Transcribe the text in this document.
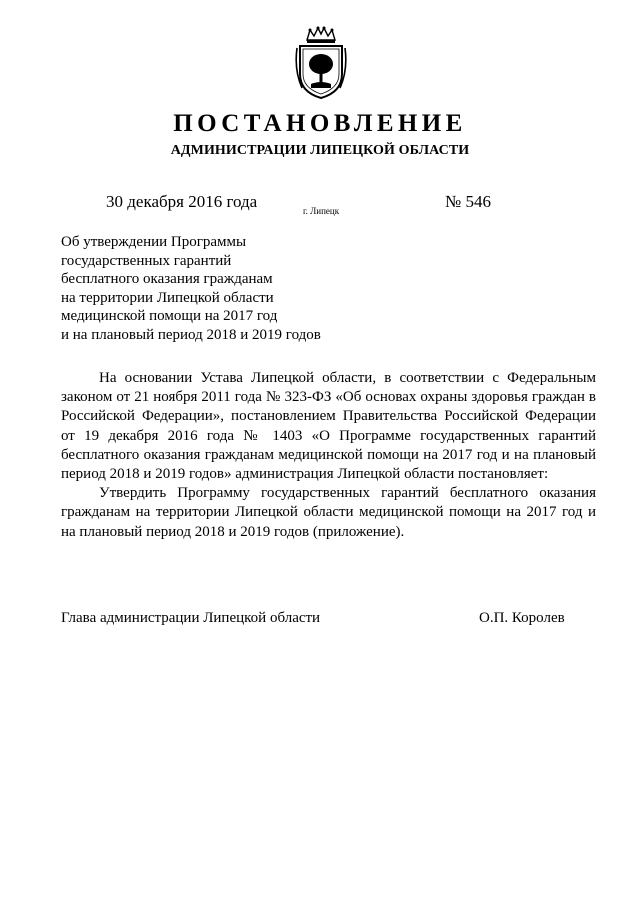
ПОСТАНОВЛЕНИЕ
АДМИНИСТРАЦИИ ЛИПЕЦКОЙ ОБЛАСТИ
30 декабря 2016 года	г. Липецк	№ 546
Об утверждении Программы
государственных гарантий
бесплатного оказания гражданам
на территории Липецкой области
медицинской помощи на 2017 год
и на плановый период 2018 и 2019 годов

На основании Устава Липецкой области, в соответствии с Федеральным законом от 21 ноября 2011 года № 323-ФЗ «Об основах охраны здоровья граждан в Российской Федерации», постановлением Правительства Российской Федерации от 19 декабря 2016 года № 1403 «О Программе государственных гарантий бесплатного оказания гражданам медицинской помощи на 2017 год и на плановый период 2018 и 2019 годов» администрация Липецкой области постановляет:

Утвердить Программу государственных гарантий бесплатного оказания гражданам на территории Липецкой области медицинской помощи на 2017 год и на плановый период 2018 и 2019 годов (приложение).

Глава администрации Липецкой области	О.П. Королев
